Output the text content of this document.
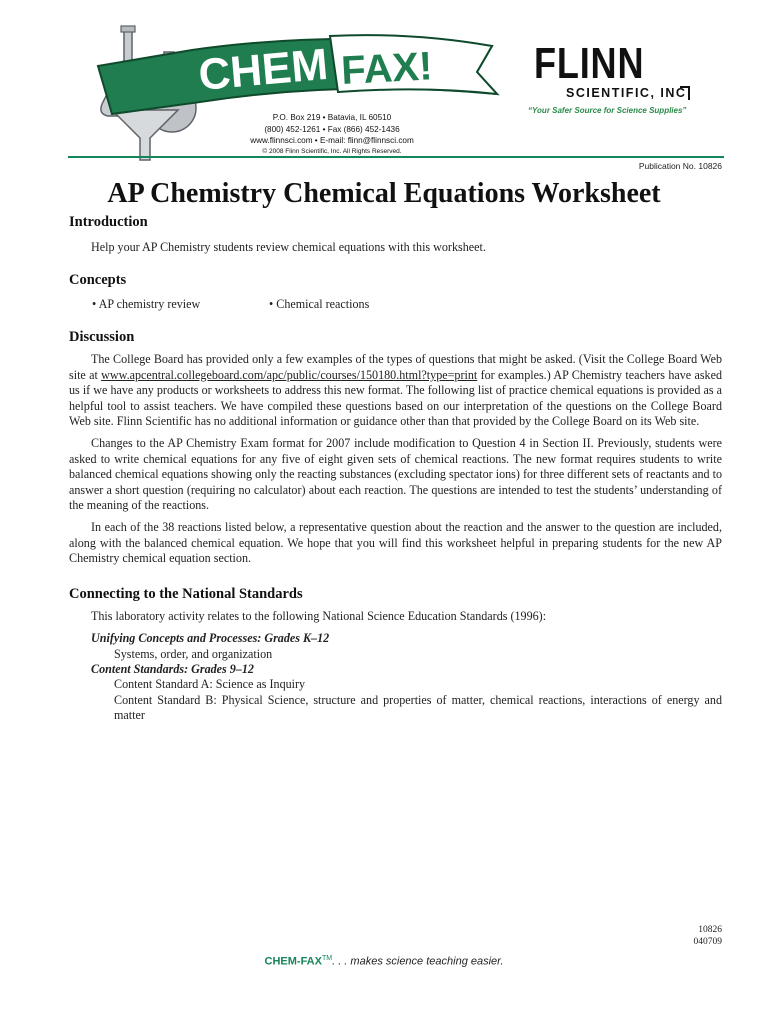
CHEM FAX!
P.O. Box 219 • Batavia, IL 60510
(800) 452-1261 • Fax (866) 452-1436
www.flinnsci.com • E-mail: flinn@flinnsci.com
© 2008 Flinn Scientific, Inc. All Rights Reserved.
FLINN
SCIENTIFIC, INC
“Your Safer Source for Science Supplies”
Publication No. 10826
AP Chemistry Chemical Equations Worksheet
Introduction

Help your AP Chemistry students review chemical equations with this worksheet.

Concepts
• AP chemistry review	• Chemical reactions
Discussion

The College Board has provided only a few examples of the types of questions that might be asked. (Visit the College Board Web site at www.apcentral.collegeboard.com/apc/public/courses/150180.html?type=print for examples.) AP Chemistry teachers have asked us if we have any products or worksheets to address this new format. The following list of practice chemical equations is provided as a helpful tool to assist teachers. We have compiled these questions based on our interpretation of the questions on the College Board Web site. Flinn Scientific has no additional information or guidance other than that provided by the College Board on its Web site.

Changes to the AP Chemistry Exam format for 2007 include modification to Question 4 in Section II. Previously, students were asked to write chemical equations for any five of eight given sets of chemical reactions. The new format requires students to write balanced chemical equations showing only the reacting substances (excluding spectator ions) for three different sets of reactants and to answer a short question (requiring no calculator) about each reaction. The questions are intended to test the students’ understanding of the meaning of the reactions.

In each of the 38 reactions listed below, a representative question about the reaction and the answer to the question are included, along with the balanced chemical equation. We hope that you will find this worksheet helpful in preparing students for the new AP Chemistry chemical equation section.

Connecting to the National Standards

This laboratory activity relates to the following National Science Education Standards (1996):

Unifying Concepts and Processes: Grades K–12
Systems, order, and organization
Content Standards: Grades 9–12
Content Standard A: Science as Inquiry
Content Standard B: Physical Science, structure and properties of matter, chemical reactions, interactions of energy and matter
10826
040709
CHEM-FAX™. . . makes science teaching easier.
